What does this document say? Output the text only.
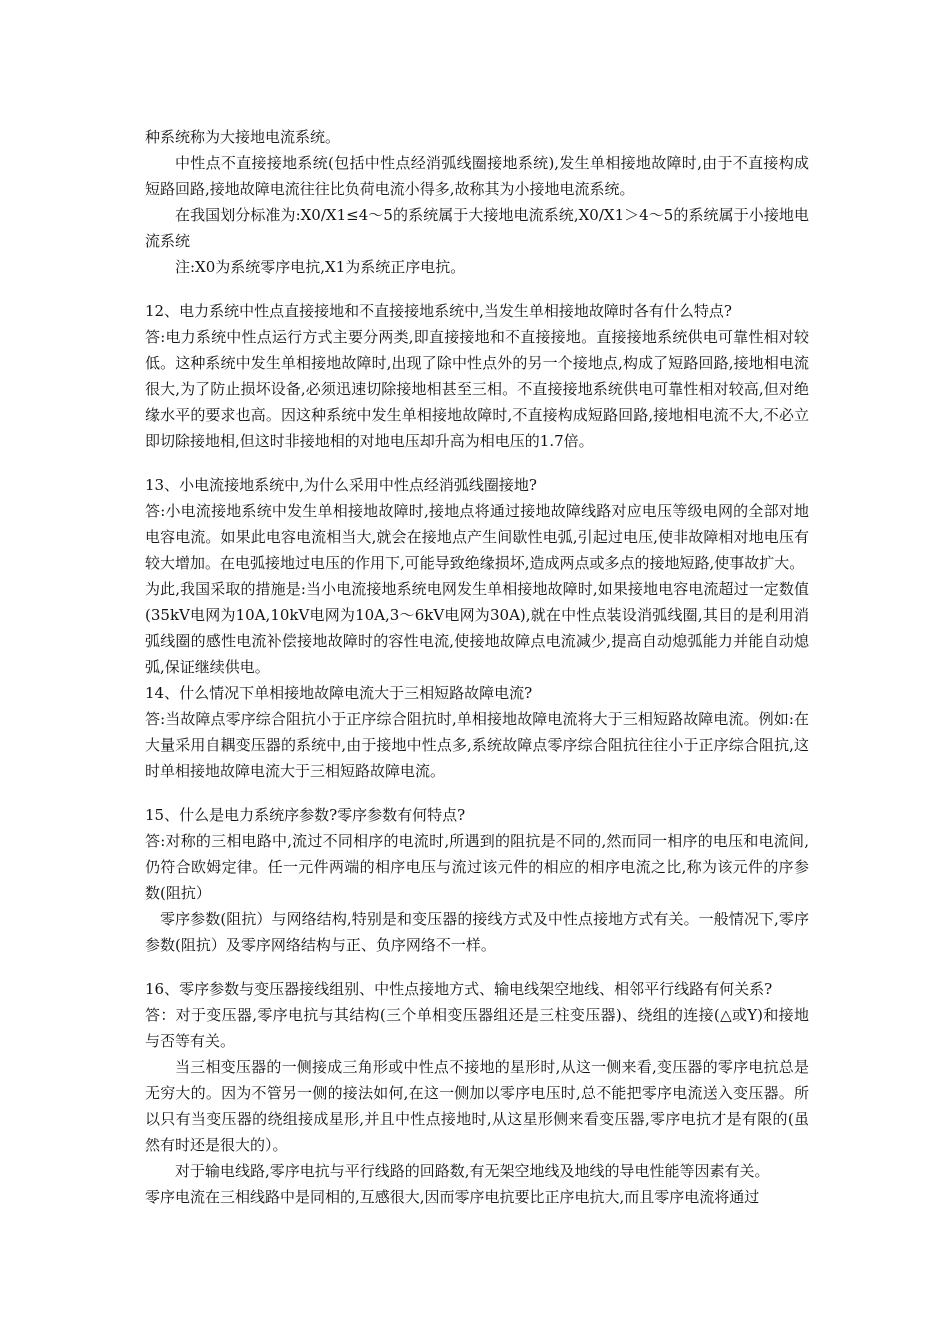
种系统称为大接地电流系统。

中性点不直接接地系统(包括中性点经消弧线圈接地系统),发生单相接地故障时,由于不直接构成短路回路,接地故障电流往往比负荷电流小得多,故称其为小接地电流系统。

在我国划分标准为:X0/X1≤4～5的系统属于大接地电流系统,X0/X1＞4～5的系统属于小接地电流系统

注:X0为系统零序电抗,X1为系统正序电抗。

12、电力系统中性点直接接地和不直接接地系统中,当发生单相接地故障时各有什么特点?

答:电力系统中性点运行方式主要分两类,即直接接地和不直接接地。直接接地系统供电可靠性相对较低。这种系统中发生单相接地故障时,出现了除中性点外的另一个接地点,构成了短路回路,接地相电流很大,为了防止损坏设备,必须迅速切除接地相甚至三相。不直接接地系统供电可靠性相对较高,但对绝缘水平的要求也高。因这种系统中发生单相接地故障时,不直接构成短路回路,接地相电流不大,不必立即切除接地相,但这时非接地相的对地电压却升高为相电压的1.7倍。

13、小电流接地系统中,为什么采用中性点经消弧线圈接地?

答:小电流接地系统中发生单相接地故障时,接地点将通过接地故障线路对应电压等级电网的全部对地电容电流。如果此电容电流相当大,就会在接地点产生间歇性电弧,引起过电压,使非故障相对地电压有较大增加。在电弧接地过电压的作用下,可能导致绝缘损坏,造成两点或多点的接地短路,使事故扩大。

为此,我国采取的措施是:当小电流接地系统电网发生单相接地故障时,如果接地电容电流超过一定数值(35kV电网为10A,10kV电网为10A,3～6kV电网为30A),就在中性点装设消弧线圈,其目的是利用消弧线圈的感性电流补偿接地故障时的容性电流,使接地故障点电流减少,提高自动熄弧能力并能自动熄弧,保证继续供电。

14、什么情况下单相接地故障电流大于三相短路故障电流?

答:当故障点零序综合阻抗小于正序综合阻抗时,单相接地故障电流将大于三相短路故障电流。例如:在大量采用自耦变压器的系统中,由于接地中性点多,系统故障点零序综合阻抗往往小于正序综合阻抗,这时单相接地故障电流大于三相短路故障电流。

15、什么是电力系统序参数?零序参数有何特点?

答:对称的三相电路中,流过不同相序的电流时,所遇到的阻抗是不同的,然而同一相序的电压和电流间,仍符合欧姆定律。任一元件两端的相序电压与流过该元件的相应的相序电流之比,称为该元件的序参数(阻抗）

零序参数(阻抗）与网络结构,特别是和变压器的接线方式及中性点接地方式有关。一般情况下,零序参数(阻抗）及零序网络结构与正、负序网络不一样。

16、零序参数与变压器接线组别、中性点接地方式、输电线架空地线、相邻平行线路有何关系?

答：对于变压器,零序电抗与其结构(三个单相变压器组还是三柱变压器)、绕组的连接(△或Y)和接地与否等有关。

当三相变压器的一侧接成三角形或中性点不接地的星形时,从这一侧来看,变压器的零序电抗总是无穷大的。因为不管另一侧的接法如何,在这一侧加以零序电压时,总不能把零序电流送入变压器。所以只有当变压器的绕组接成星形,并且中性点接地时,从这星形侧来看变压器,零序电抗才是有限的(虽然有时还是很大的）。

对于输电线路,零序电抗与平行线路的回路数,有无架空地线及地线的导电性能等因素有关。

零序电流在三相线路中是同相的,互感很大,因而零序电抗要比正序电抗大,而且零序电流将通过
